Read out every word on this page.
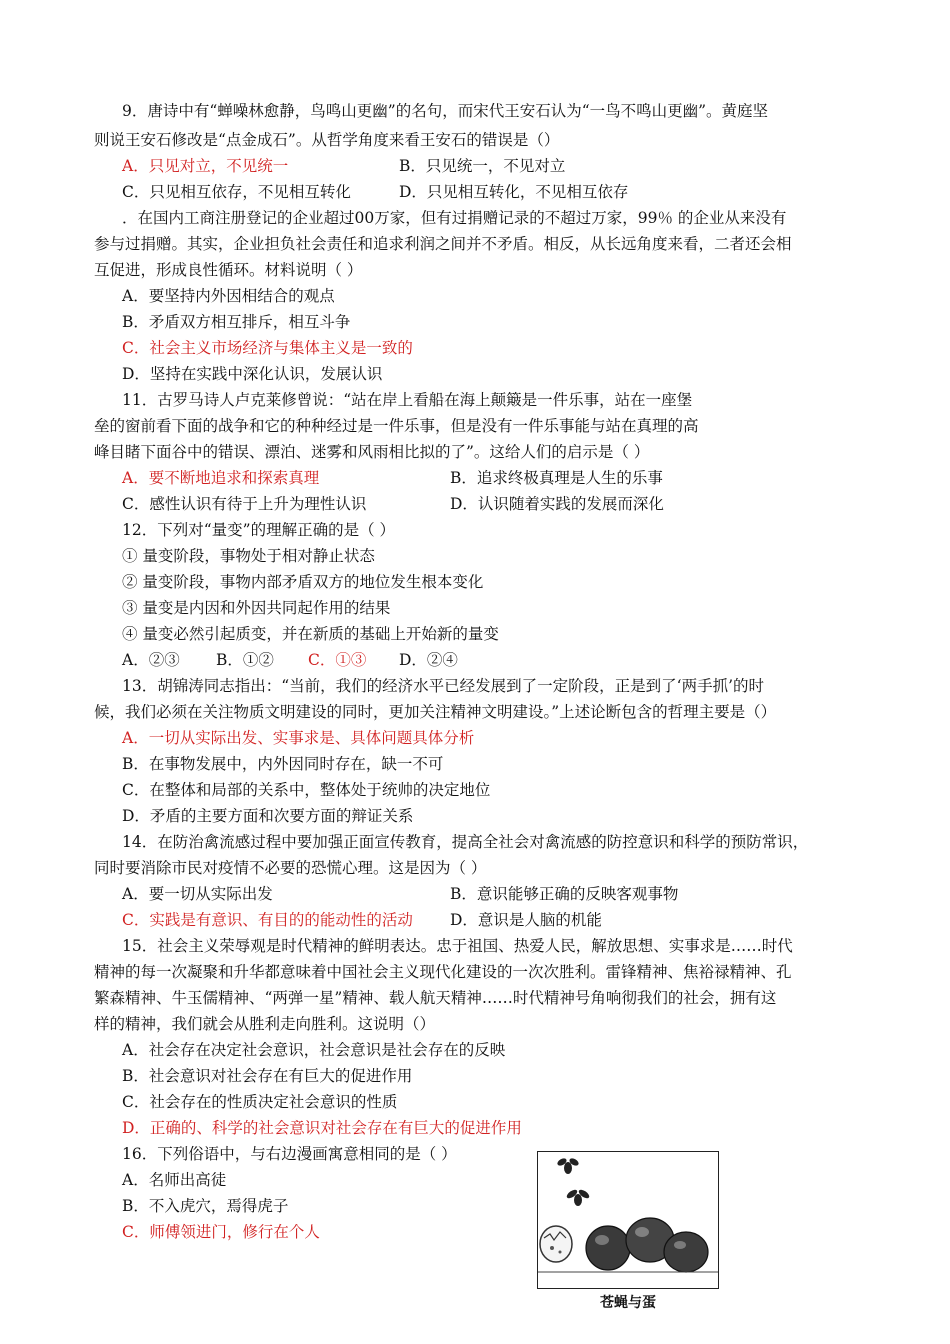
9．唐诗中有“蝉噪林愈静，鸟鸣山更幽”的名句，而宋代王安石认为“一鸟不鸣山更幽”。黄庭坚
则说王安石修改是“点金成石”。从哲学角度来看王安石的错误是（）
A．只见对立，不见统一	B．只见统一，不见对立
C．只见相互依存，不见相互转化	D．只见相互转化，不见相互依存
．在国内工商注册登记的企业超过00万家，但有过捐赠记录的不超过万家，99％ 的企业从来没有
参与过捐赠。其实，企业担负社会责任和追求利润之间并不矛盾。相反，从长远角度来看，二者还会相
互促进，形成良性循环。材料说明（ ）
A．要坚持内外因相结合的观点
B．矛盾双方相互排斥，相互斗争
C．社会主义市场经济与集体主义是一致的
D．坚持在实践中深化认识，发展认识
11．古罗马诗人卢克莱修曾说：“站在岸上看船在海上颠簸是一件乐事，站在一座堡
垒的窗前看下面的战争和它的种种经过是一件乐事，但是没有一件乐事能与站在真理的高
峰目睹下面谷中的错误、漂泊、迷雾和风雨相比拟的了”。这给人们的启示是（ ）
A．要不断地追求和探索真理	B．追求终极真理是人生的乐事
C．感性认识有待于上升为理性认识	D．认识随着实践的发展而深化
12．下列对“量变”的理解正确的是（ ）
① 量变阶段，事物处于相对静止状态
② 量变阶段，事物内部矛盾双方的地位发生根本变化
③ 量变是内因和外因共同起作用的结果
④ 量变必然引起质变，并在新质的基础上开始新的量变
A．②③ B．①② C．①③ D．②④
13．胡锦涛同志指出：“当前，我们的经济水平已经发展到了一定阶段，正是到了‘两手抓’的时
候，我们必须在关注物质文明建设的同时，更加关注精神文明建设。”上述论断包含的哲理主要是（）
A．一切从实际出发、实事求是、具体问题具体分析
B．在事物发展中，内外因同时存在，缺一不可
C．在整体和局部的关系中，整体处于统帅的决定地位
D．矛盾的主要方面和次要方面的辩证关系
14．在防治禽流感过程中要加强正面宣传教育，提高全社会对禽流感的防控意识和科学的预防常识，
同时要消除市民对疫情不必要的恐慌心理。这是因为（ ）
A．要一切从实际出发	B．意识能够正确的反映客观事物
C．实践是有意识、有目的的能动性的活动 D．意识是人脑的机能
15．社会主义荣辱观是时代精神的鲜明表达。忠于祖国、热爱人民，解放思想、实事求是……时代
精神的每一次凝聚和升华都意味着中国社会主义现代化建设的一次次胜利。雷锋精神、焦裕禄精神、孔
繁森精神、牛玉儒精神、“两弹一星”精神、载人航天精神……时代精神号角响彻我们的社会，拥有这
样的精神，我们就会从胜利走向胜利。这说明（）
A．社会存在决定社会意识，社会意识是社会存在的反映
B．社会意识对社会存在有巨大的促进作用
C．社会存在的性质决定社会意识的性质
D．正确的、科学的社会意识对社会存在有巨大的促进作用
16．下列俗语中，与右边漫画寓意相同的是（ ）
A．名师出高徒
B．不入虎穴，焉得虎子
C．师傅领进门，修行在个人
苍蝇与蛋
